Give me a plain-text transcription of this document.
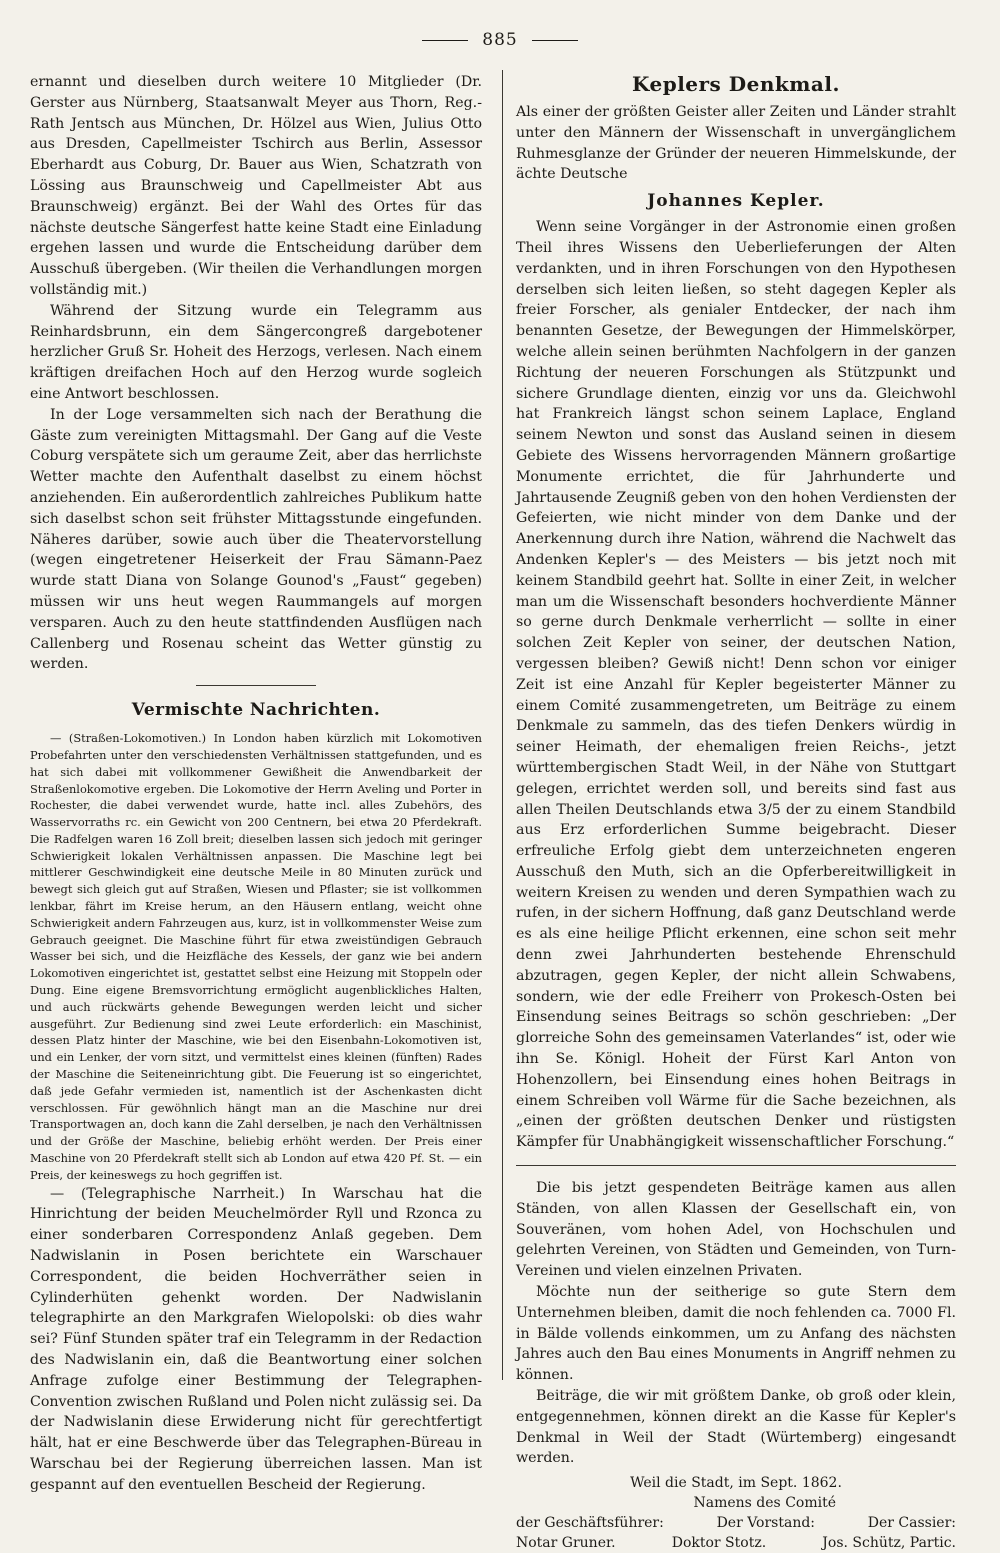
885

ernannt und dieselben durch weitere 10 Mitglieder (Dr. Gerster aus Nürnberg, Staatsanwalt Meyer aus Thorn, Reg.-Rath Jentsch aus München, Dr. Hölzel aus Wien, Julius Otto aus Dresden, Capellmeister Tschirch aus Berlin, Assessor Eberhardt aus Coburg, Dr. Bauer aus Wien, Schatzrath von Lössing aus Braunschweig und Capellmeister Abt aus Braunschweig) ergänzt. Bei der Wahl des Ortes für das nächste deutsche Sängerfest hatte keine Stadt eine Einladung ergehen lassen und wurde die Entscheidung darüber dem Ausschuß übergeben. (Wir theilen die Verhandlungen morgen vollständig mit.)

Während der Sitzung wurde ein Telegramm aus Reinhardsbrunn, ein dem Sängercongreß dargebotener herzlicher Gruß Sr. Hoheit des Herzogs, verlesen. Nach einem kräftigen dreifachen Hoch auf den Herzog wurde sogleich eine Antwort beschlossen.

In der Loge versammelten sich nach der Berathung die Gäste zum vereinigten Mittagsmahl. Der Gang auf die Veste Coburg verspätete sich um geraume Zeit, aber das herrlichste Wetter machte den Aufenthalt daselbst zu einem höchst anziehenden. Ein außerordentlich zahlreiches Publikum hatte sich daselbst schon seit frühster Mittagsstunde eingefunden. Näheres darüber, sowie auch über die Theatervorstellung (wegen eingetretener Heiserkeit der Frau Sämann-Paez wurde statt Diana von Solange Gounod's „Faust“ gegeben) müssen wir uns heut wegen Raummangels auf morgen versparen. Auch zu den heute stattfindenden Ausflügen nach Callenberg und Rosenau scheint das Wetter günstig zu werden.

Vermischte Nachrichten.

— (Straßen-Lokomotiven.) In London haben kürzlich mit Lokomotiven Probefahrten unter den verschiedensten Verhältnissen stattgefunden, und es hat sich dabei mit vollkommener Gewißheit die Anwendbarkeit der Straßenlokomotive ergeben. Die Lokomotive der Herrn Aveling und Porter in Rochester, die dabei verwendet wurde, hatte incl. alles Zubehörs, des Wasservorraths rc. ein Gewicht von 200 Centnern, bei etwa 20 Pferdekraft. Die Radfelgen waren 16 Zoll breit; dieselben lassen sich jedoch mit geringer Schwierigkeit lokalen Verhältnissen anpassen. Die Maschine legt bei mittlerer Geschwindigkeit eine deutsche Meile in 80 Minuten zurück und bewegt sich gleich gut auf Straßen, Wiesen und Pflaster; sie ist vollkommen lenkbar, fährt im Kreise herum, an den Häusern entlang, weicht ohne Schwierigkeit andern Fahrzeugen aus, kurz, ist in vollkommenster Weise zum Gebrauch geeignet. Die Maschine führt für etwa zweistündigen Gebrauch Wasser bei sich, und die Heizfläche des Kessels, der ganz wie bei andern Lokomotiven eingerichtet ist, gestattet selbst eine Heizung mit Stoppeln oder Dung. Eine eigene Bremsvorrichtung ermöglicht augenblickliches Halten, und auch rückwärts gehende Bewegungen werden leicht und sicher ausgeführt. Zur Bedienung sind zwei Leute erforderlich: ein Maschinist, dessen Platz hinter der Maschine, wie bei den Eisenbahn-Lokomotiven ist, und ein Lenker, der vorn sitzt, und vermittelst eines kleinen (fünften) Rades der Maschine die Seiteneinrichtung gibt. Die Feuerung ist so eingerichtet, daß jede Gefahr vermieden ist, namentlich ist der Aschenkasten dicht verschlossen. Für gewöhnlich hängt man an die Maschine nur drei Transportwagen an, doch kann die Zahl derselben, je nach den Verhältnissen und der Größe der Maschine, beliebig erhöht werden. Der Preis einer Maschine von 20 Pferdekraft stellt sich ab London auf etwa 420 Pf. St. — ein Preis, der keineswegs zu hoch gegriffen ist.

— (Telegraphische Narrheit.) In Warschau hat die Hinrichtung der beiden Meuchelmörder Ryll und Rzonca zu einer sonderbaren Correspondenz Anlaß gegeben. Dem Nadwislanin in Posen berichtete ein Warschauer Correspondent, die beiden Hochverräther seien in Cylinderhüten gehenkt worden. Der Nadwislanin telegraphirte an den Markgrafen Wielopolski: ob dies wahr sei? Fünf Stunden später traf ein Telegramm in der Redaction des Nadwislanin ein, daß die Beantwortung einer solchen Anfrage zufolge einer Bestimmung der Telegraphen-Convention zwischen Rußland und Polen nicht zulässig sei. Da der Nadwislanin diese Erwiderung nicht für gerechtfertigt hält, hat er eine Beschwerde über das Telegraphen-Büreau in Warschau bei der Regierung überreichen lassen. Man ist gespannt auf den eventuellen Bescheid der Regierung.

Keplers Denkmal.

Als einer der größten Geister aller Zeiten und Länder strahlt unter den Männern der Wissenschaft in unvergänglichem Ruhmesglanze der Gründer der neueren Himmelskunde, der ächte Deutsche

Johannes Kepler.

Wenn seine Vorgänger in der Astronomie einen großen Theil ihres Wissens den Ueberlieferungen der Alten verdankten, und in ihren Forschungen von den Hypothesen derselben sich leiten ließen, so steht dagegen Kepler als freier Forscher, als genialer Entdecker, der nach ihm benannten Gesetze, der Bewegungen der Himmelskörper, welche allein seinen berühmten Nachfolgern in der ganzen Richtung der neueren Forschungen als Stützpunkt und sichere Grundlage dienten, einzig vor uns da. Gleichwohl hat Frankreich längst schon seinem Laplace, England seinem Newton und sonst das Ausland seinen in diesem Gebiete des Wissens hervorragenden Männern großartige Monumente errichtet, die für Jahrhunderte und Jahrtausende Zeugniß geben von den hohen Verdiensten der Gefeierten, wie nicht minder von dem Danke und der Anerkennung durch ihre Nation, während die Nachwelt das Andenken Kepler's — des Meisters — bis jetzt noch mit keinem Standbild geehrt hat. Sollte in einer Zeit, in welcher man um die Wissenschaft besonders hochverdiente Männer so gerne durch Denkmale verherrlicht — sollte in einer solchen Zeit Kepler von seiner, der deutschen Nation, vergessen bleiben? Gewiß nicht! Denn schon vor einiger Zeit ist eine Anzahl für Kepler begeisterter Männer zu einem Comité zusammengetreten, um Beiträge zu einem Denkmale zu sammeln, das des tiefen Denkers würdig in seiner Heimath, der ehemaligen freien Reichs-, jetzt württembergischen Stadt Weil, in der Nähe von Stuttgart gelegen, errichtet werden soll, und bereits sind fast aus allen Theilen Deutschlands etwa 3/5 der zu einem Standbild aus Erz erforderlichen Summe beigebracht. Dieser erfreuliche Erfolg giebt dem unterzeichneten engeren Ausschuß den Muth, sich an die Opferbereitwilligkeit in weitern Kreisen zu wenden und deren Sympathien wach zu rufen, in der sichern Hoffnung, daß ganz Deutschland werde es als eine heilige Pflicht erkennen, eine schon seit mehr denn zwei Jahrhunderten bestehende Ehrenschuld abzutragen, gegen Kepler, der nicht allein Schwabens, sondern, wie der edle Freiherr von Prokesch-Osten bei Einsendung seines Beitrags so schön geschrieben: „Der glorreiche Sohn des gemeinsamen Vaterlandes“ ist, oder wie ihn Se. Königl. Hoheit der Fürst Karl Anton von Hohenzollern, bei Einsendung eines hohen Beitrags in einem Schreiben voll Wärme für die Sache bezeichnen, als „einen der größten deutschen Denker und rüstigsten Kämpfer für Unabhängigkeit wissenschaftlicher Forschung.“

Die bis jetzt gespendeten Beiträge kamen aus allen Ständen, von allen Klassen der Gesellschaft ein, von Souveränen, vom hohen Adel, von Hochschulen und gelehrten Vereinen, von Städten und Gemeinden, von Turn-Vereinen und vielen einzelnen Privaten.

Möchte nun der seitherige so gute Stern dem Unternehmen bleiben, damit die noch fehlenden ca. 7000 Fl. in Bälde vollends einkommen, um zu Anfang des nächsten Jahres auch den Bau eines Monuments in Angriff nehmen zu können.

Beiträge, die wir mit größtem Danke, ob groß oder klein, entgegennehmen, können direkt an die Kasse für Kepler's Denkmal in Weil der Stadt (Würtemberg) eingesandt werden.

Weil die Stadt, im Sept. 1862.
Namens des Comité
der Geschäftsführer:	Der Vorstand:	Der Cassier:
Notar Gruner.	Doktor Stotz.	Jos. Schütz, Partic.
